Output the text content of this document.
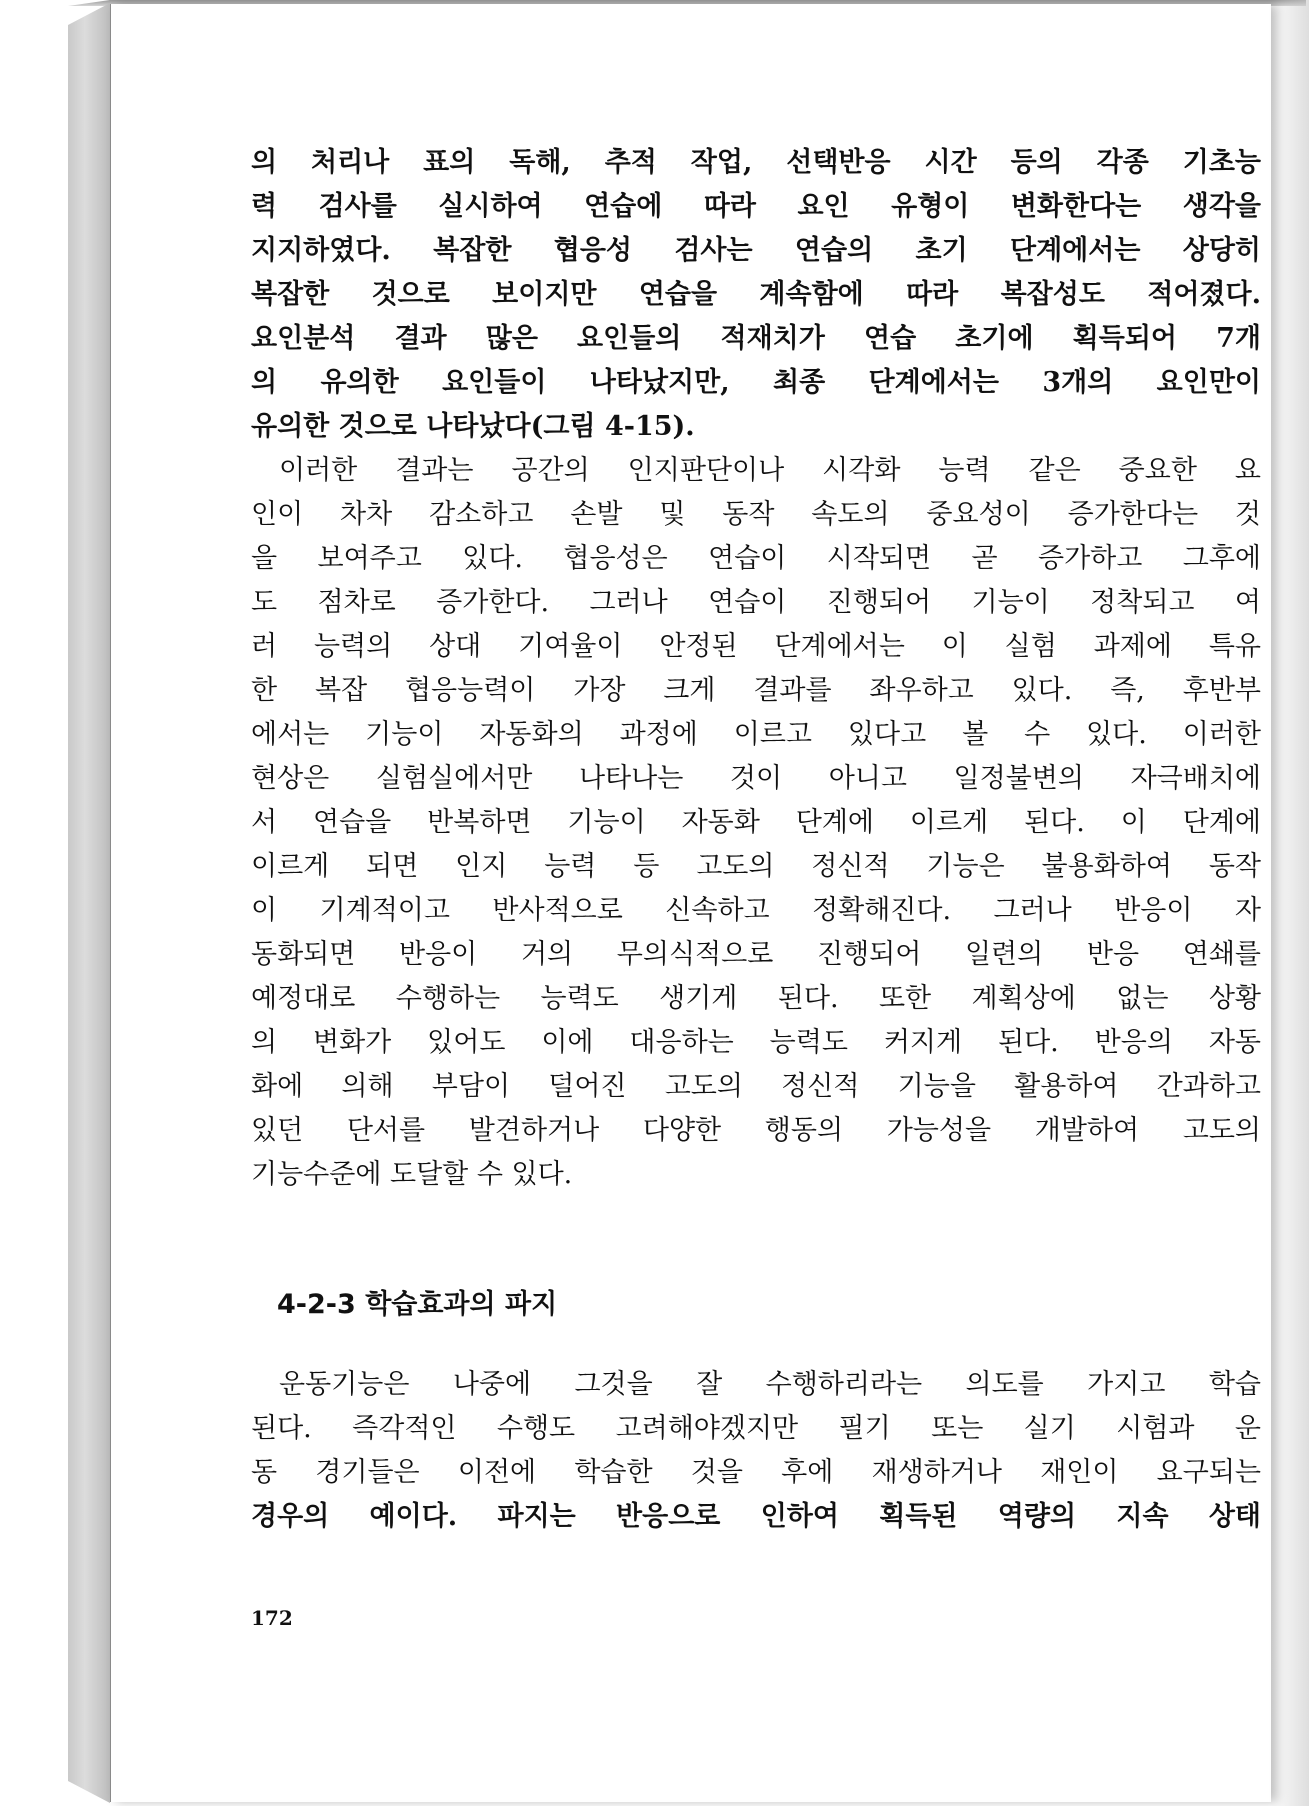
의 처리나 표의 독해, 추적 작업, 선택반응 시간 등의 각종 기초능
력 검사를 실시하여 연습에 따라 요인 유형이 변화한다는 생각을
지지하였다. 복잡한 협응성 검사는 연습의 초기 단계에서는 상당히
복잡한 것으로 보이지만 연습을 계속함에 따라 복잡성도 적어졌다.
요인분석 결과 많은 요인들의 적재치가 연습 초기에 획득되어 7개
의 유의한 요인들이 나타났지만, 최종 단계에서는 3개의 요인만이
유의한 것으로 나타났다(그림 4-15).
이러한 결과는 공간의 인지판단이나 시각화 능력 같은 중요한 요
인이 차차 감소하고 손발 및 동작 속도의 중요성이 증가한다는 것
을 보여주고 있다. 협응성은 연습이 시작되면 곧 증가하고 그후에
도 점차로 증가한다. 그러나 연습이 진행되어 기능이 정착되고 여
러 능력의 상대 기여율이 안정된 단계에서는 이 실험 과제에 특유
한 복잡 협응능력이 가장 크게 결과를 좌우하고 있다. 즉, 후반부
에서는 기능이 자동화의 과정에 이르고 있다고 볼 수 있다. 이러한
현상은 실험실에서만 나타나는 것이 아니고 일정불변의 자극배치에
서 연습을 반복하면 기능이 자동화 단계에 이르게 된다. 이 단계에
이르게 되면 인지 능력 등 고도의 정신적 기능은 불용화하여 동작
이 기계적이고 반사적으로 신속하고 정확해진다. 그러나 반응이 자
동화되면 반응이 거의 무의식적으로 진행되어 일련의 반응 연쇄를
예정대로 수행하는 능력도 생기게 된다. 또한 계획상에 없는 상황
의 변화가 있어도 이에 대응하는 능력도 커지게 된다. 반응의 자동
화에 의해 부담이 덜어진 고도의 정신적 기능을 활용하여 간과하고
있던 단서를 발견하거나 다양한 행동의 가능성을 개발하여 고도의
기능수준에 도달할 수 있다.
4-2-3 학습효과의 파지
운동기능은 나중에 그것을 잘 수행하리라는 의도를 가지고 학습
된다. 즉각적인 수행도 고려해야겠지만 필기 또는 실기 시험과 운
동 경기들은 이전에 학습한 것을 후에 재생하거나 재인이 요구되는
경우의 예이다. 파지는 반응으로 인하여 획득된 역량의 지속 상태
172
